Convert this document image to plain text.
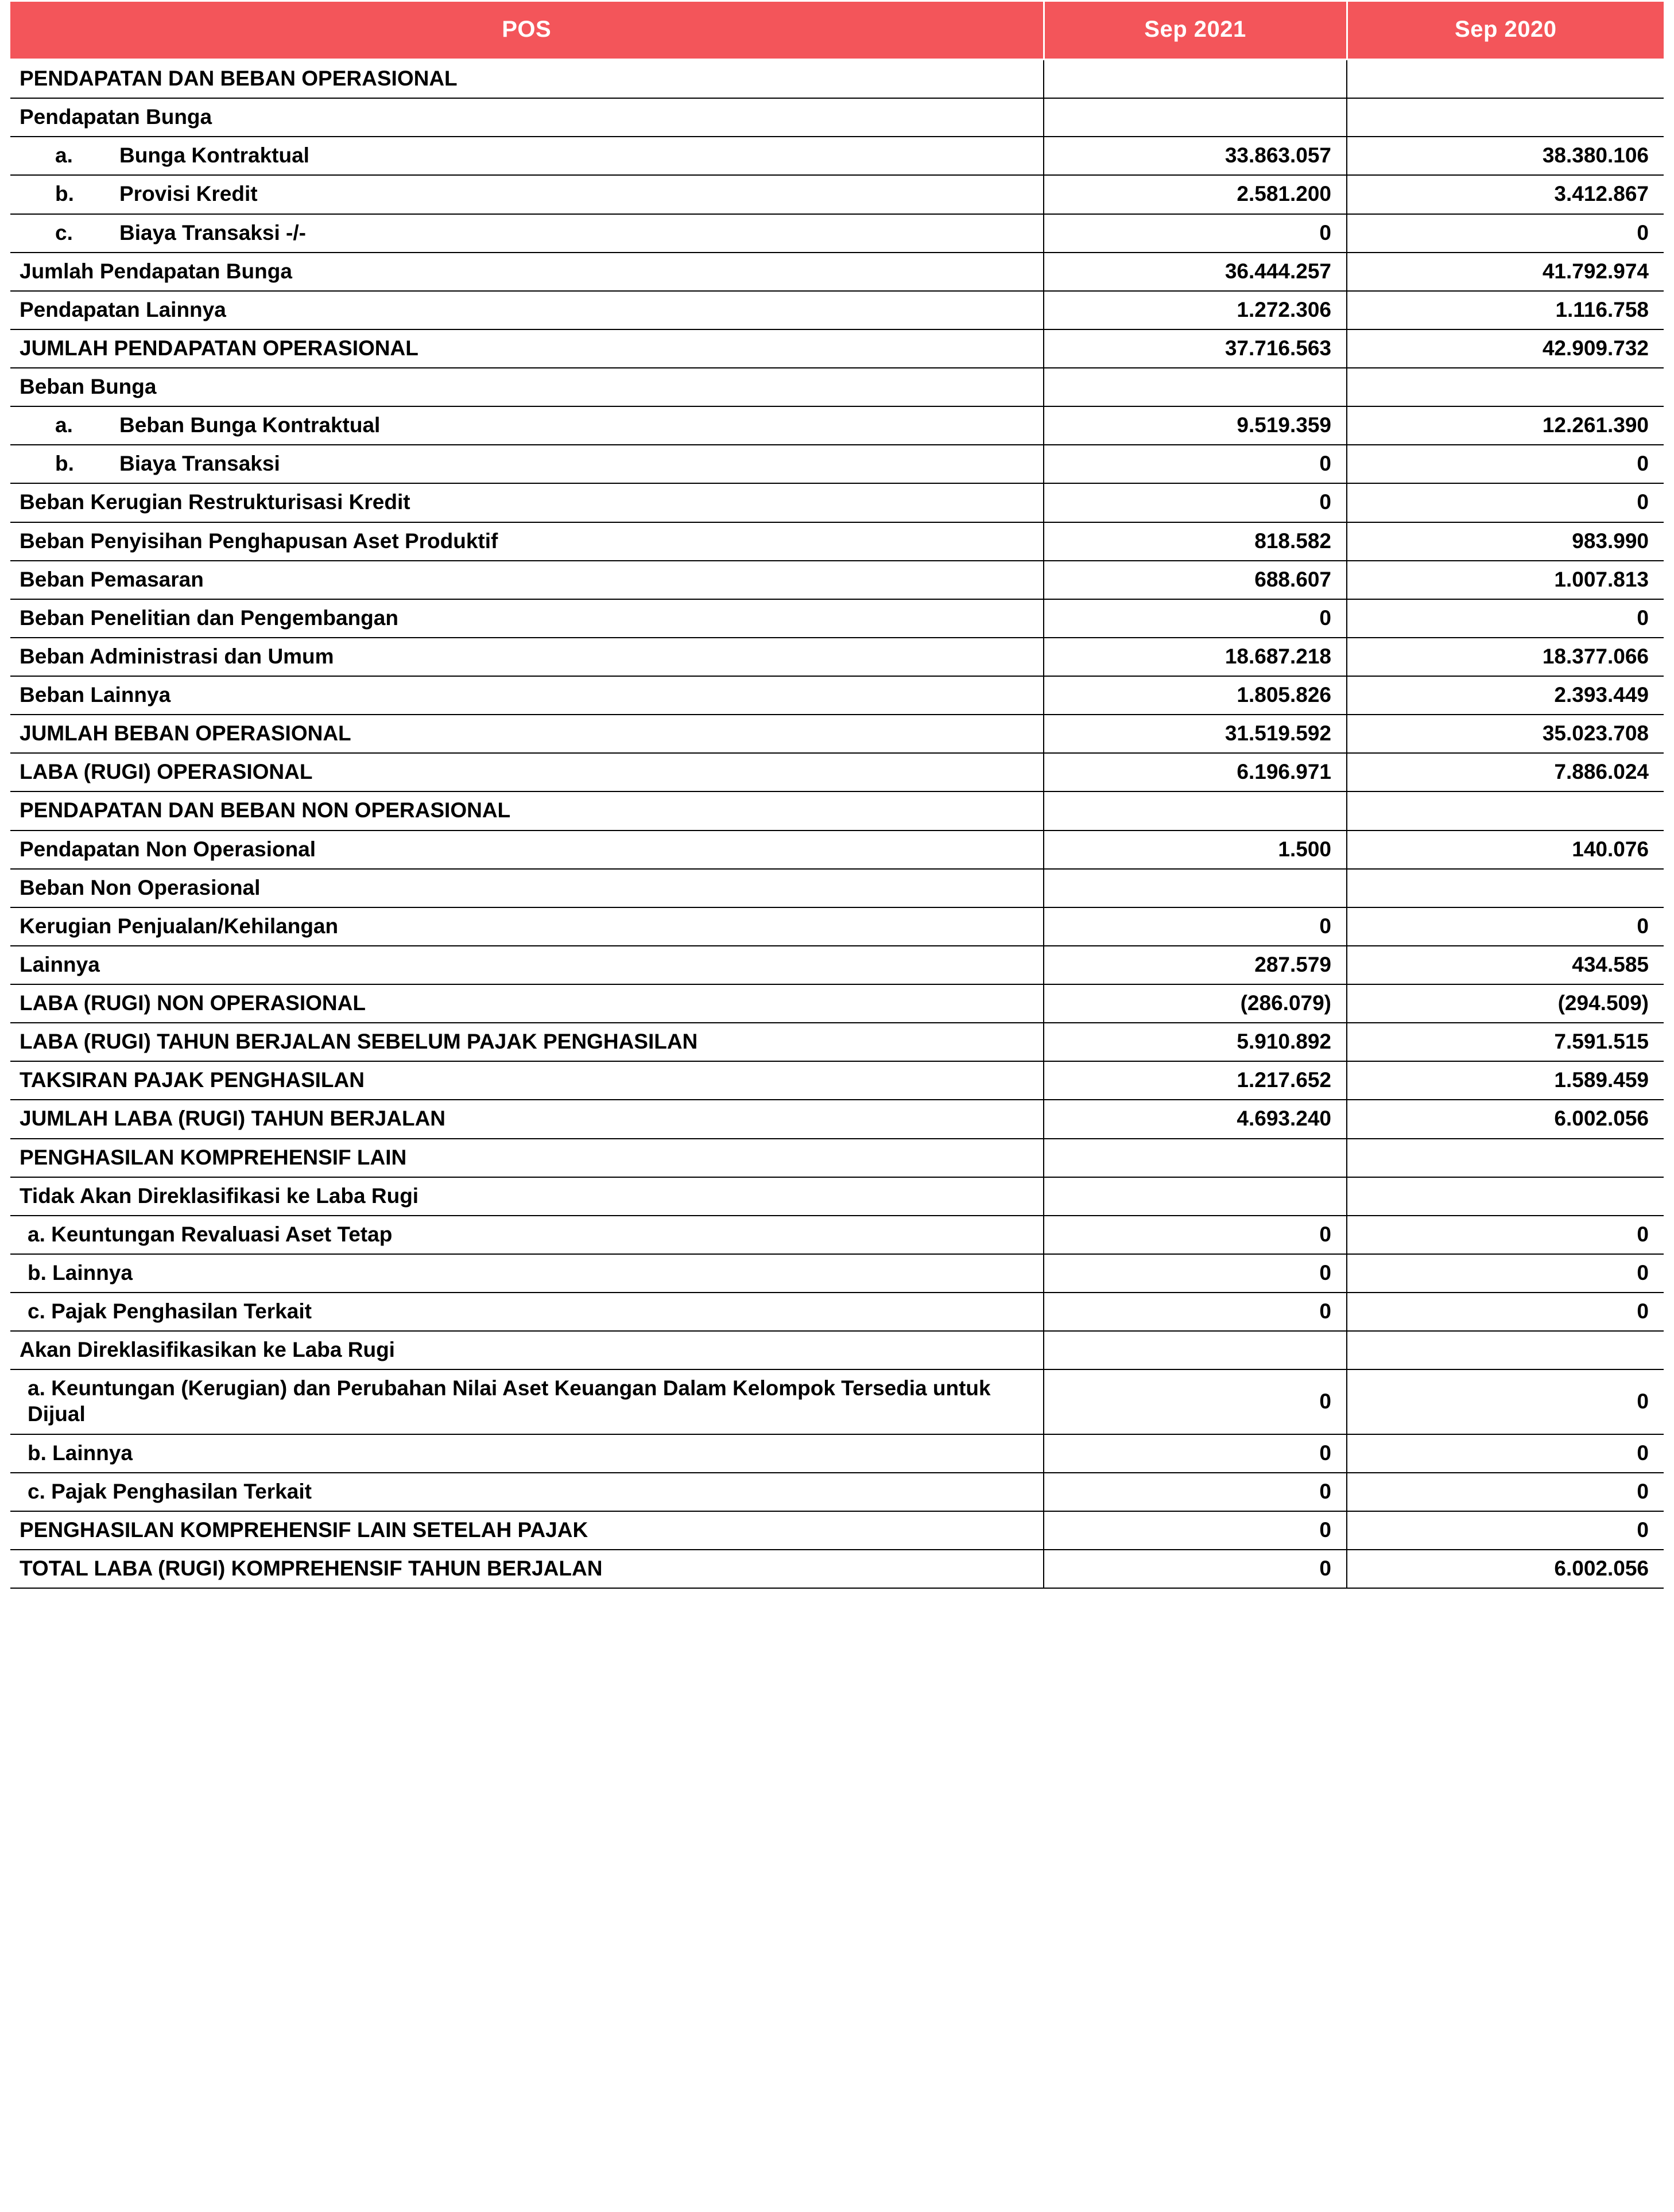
POS	Sep 2021	Sep 2020
PENDAPATAN DAN BEBAN OPERASIONAL		
Pendapatan Bunga		
a. Bunga Kontraktual	33.863.057	38.380.106
b. Provisi Kredit	2.581.200	3.412.867
c. Biaya Transaksi -/-	0	0
Jumlah Pendapatan Bunga	36.444.257	41.792.974
Pendapatan Lainnya	1.272.306	1.116.758
JUMLAH PENDAPATAN OPERASIONAL	37.716.563	42.909.732
Beban Bunga		
a. Beban Bunga Kontraktual	9.519.359	12.261.390
b. Biaya Transaksi	0	0
Beban Kerugian Restrukturisasi Kredit	0	0
Beban Penyisihan Penghapusan Aset Produktif	818.582	983.990
Beban Pemasaran	688.607	1.007.813
Beban Penelitian dan Pengembangan	0	0
Beban Administrasi dan Umum	18.687.218	18.377.066
Beban Lainnya	1.805.826	2.393.449
JUMLAH BEBAN OPERASIONAL	31.519.592	35.023.708
LABA (RUGI) OPERASIONAL	6.196.971	7.886.024
PENDAPATAN DAN BEBAN NON OPERASIONAL		
Pendapatan Non Operasional	1.500	140.076
Beban Non Operasional		
Kerugian Penjualan/Kehilangan	0	0
Lainnya	287.579	434.585
LABA (RUGI) NON OPERASIONAL	(286.079)	(294.509)
LABA (RUGI) TAHUN BERJALAN SEBELUM PAJAK PENGHASILAN	5.910.892	7.591.515
TAKSIRAN PAJAK PENGHASILAN	1.217.652	1.589.459
JUMLAH LABA (RUGI) TAHUN BERJALAN	4.693.240	6.002.056
PENGHASILAN KOMPREHENSIF LAIN		
Tidak Akan Direklasifikasi ke Laba Rugi		
a. Keuntungan Revaluasi Aset Tetap	0	0
b. Lainnya	0	0
c. Pajak Penghasilan Terkait	0	0
Akan Direklasifikasikan ke Laba Rugi		
a. Keuntungan (Kerugian) dan Perubahan Nilai Aset Keuangan Dalam Kelompok Tersedia untuk Dijual	0	0
b. Lainnya	0	0
c. Pajak Penghasilan Terkait	0	0
PENGHASILAN KOMPREHENSIF LAIN SETELAH PAJAK	0	0
TOTAL LABA (RUGI) KOMPREHENSIF TAHUN BERJALAN	0	6.002.056
